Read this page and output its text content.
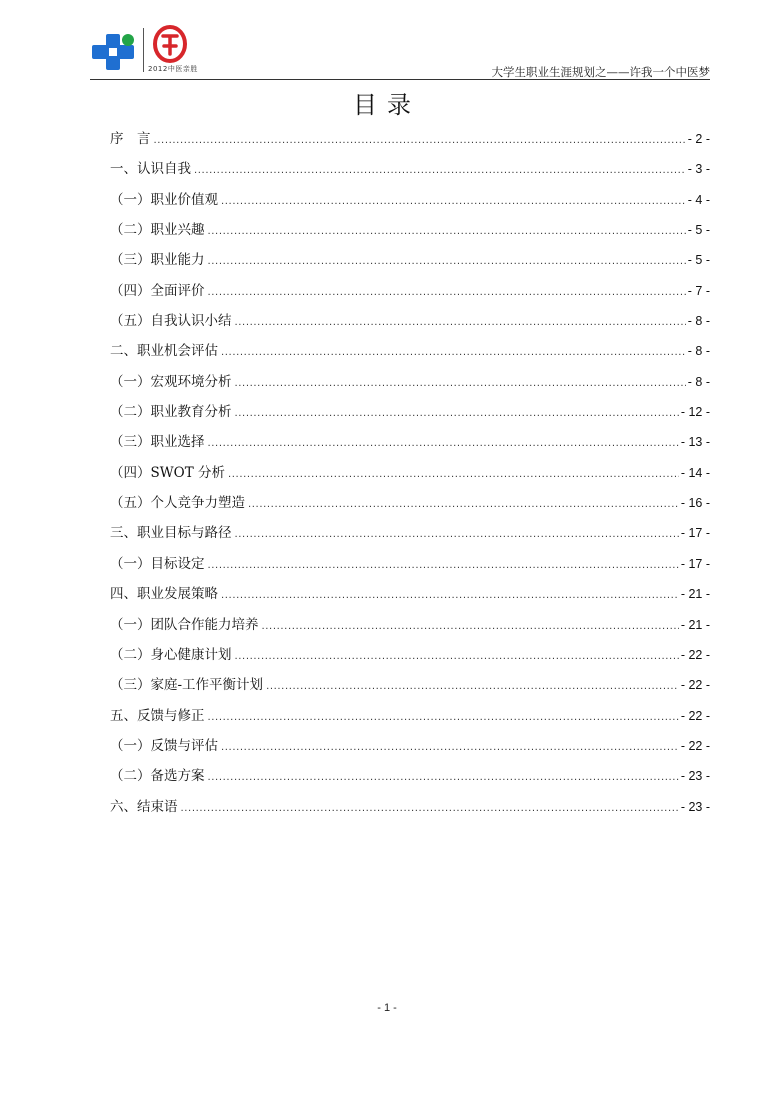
2012中医亲胜	大学生职业生涯规划之——许我一个中医梦
目录
序　言 .....	- 2 -
一、认识自我 .....	- 3 -
（一）职业价值观 .....	- 4 -
（二）职业兴趣 .....	- 5 -
（三）职业能力 .....	- 5 -
（四）全面评价 .....	- 7 -
（五）自我认识小结 .....	- 8 -
二、职业机会评估 .....	- 8 -
（一）宏观环境分析 .....	- 8 -
（二）职业教育分析 .....	- 12 -
（三）职业选择 .....	- 13 -
（四）SWOT 分析 .....	- 14 -
（五）个人竞争力塑造 .....	- 16 -
三、职业目标与路径 .....	- 17 -
（一）目标设定 .....	- 17 -
四、职业发展策略 .....	- 21 -
（一）团队合作能力培养 .....	- 21 -
（二）身心健康计划 .....	- 22 -
（三）家庭-工作平衡计划 .....	- 22 -
五、反馈与修正 .....	- 22 -
（一）反馈与评估 .....	- 22 -
（二）备选方案 .....	- 23 -
六、结束语 .....	- 23 -
- 1 -
